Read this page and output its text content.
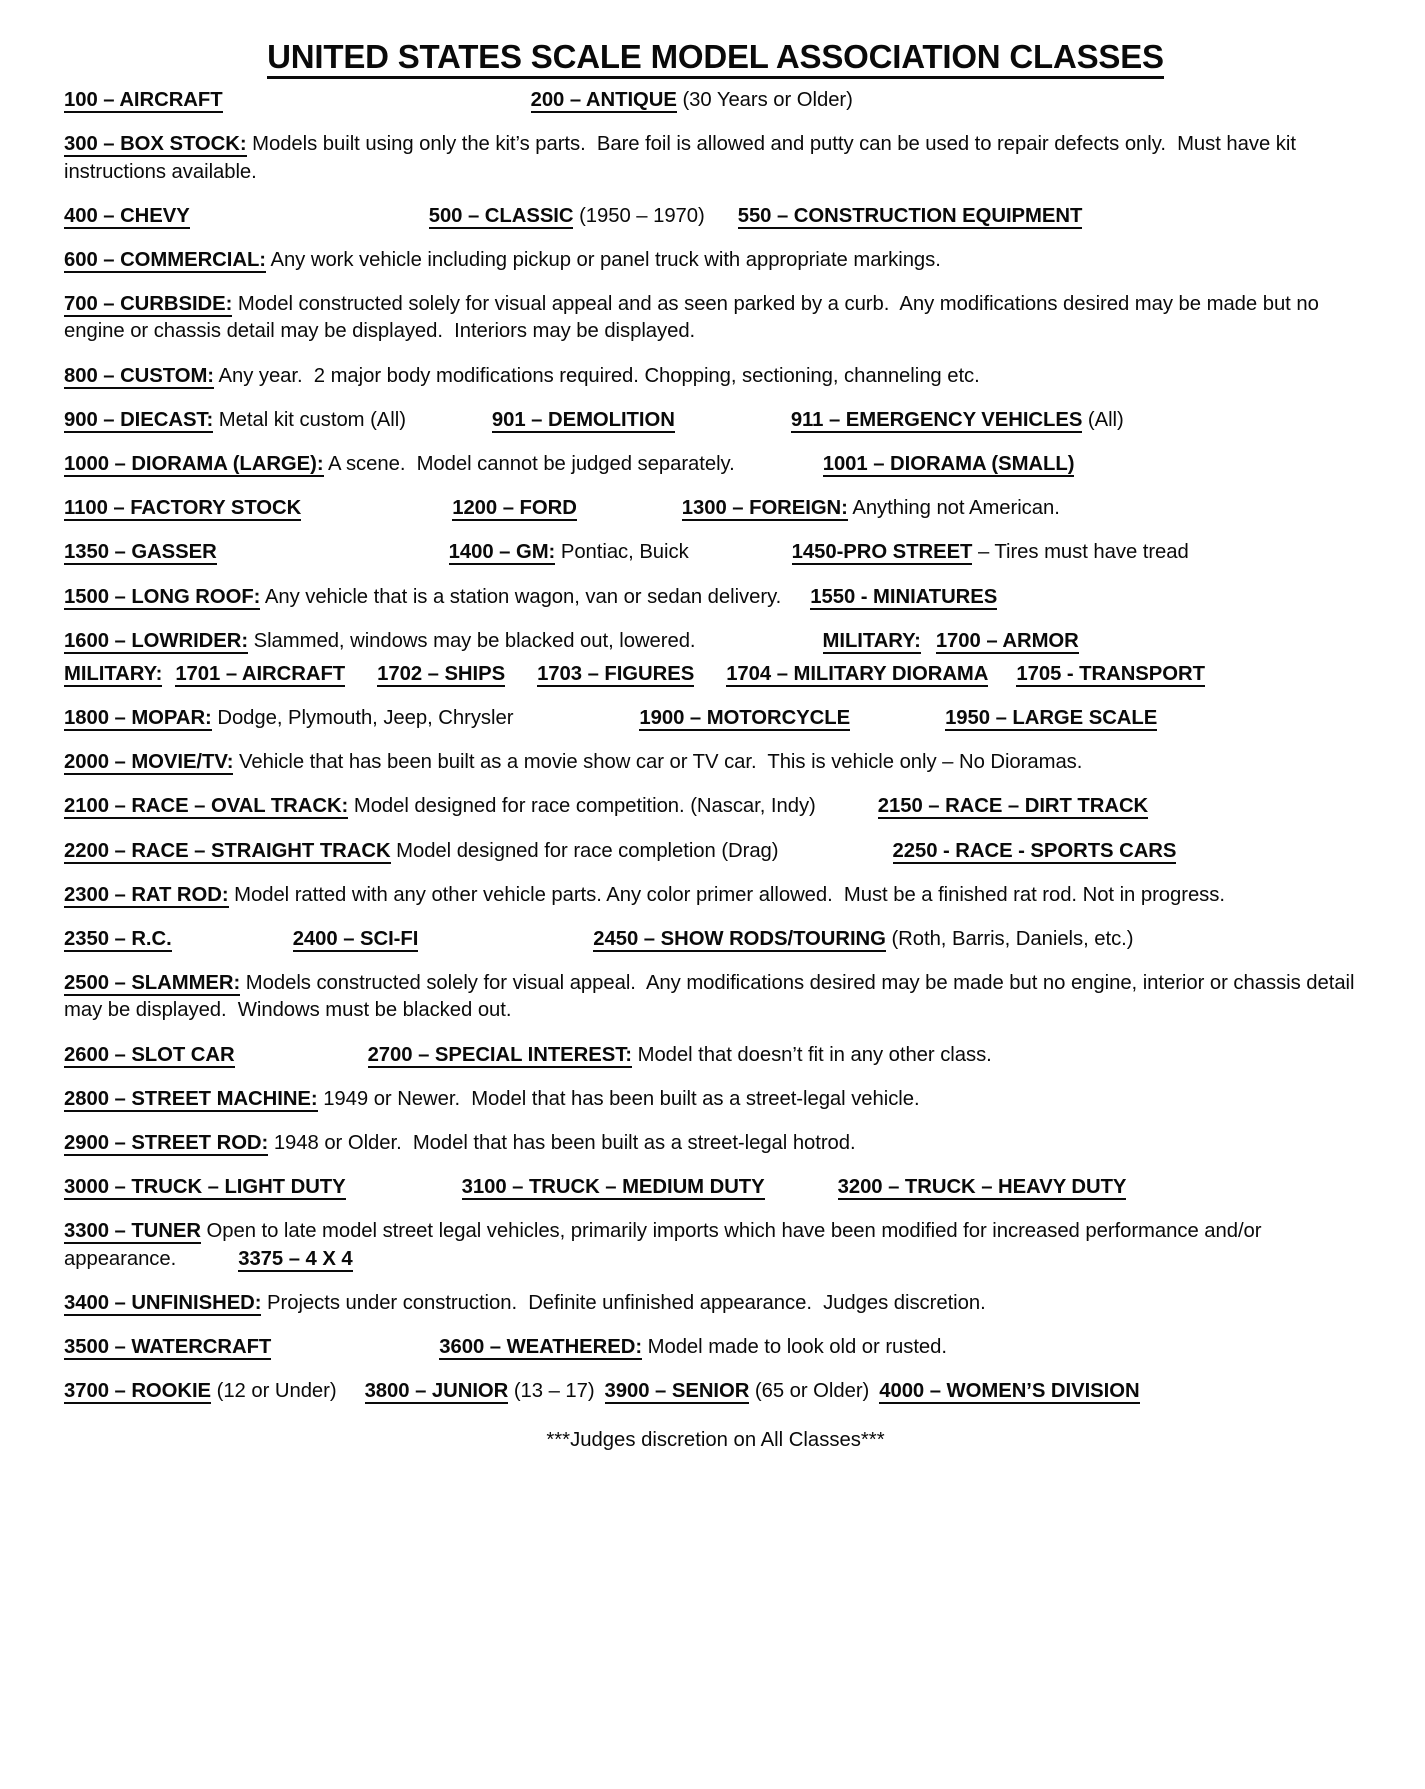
UNITED STATES SCALE MODEL ASSOCIATION CLASSES

100 – AIRCRAFT	200 – ANTIQUE (30 Years or Older)

300 – BOX STOCK: Models built using only the kit’s parts.  Bare foil is allowed and putty can be used to repair defects only.  Must have kit instructions available.

400 – CHEVY	500 – CLASSIC (1950 – 1970) 550 – CONSTRUCTION EQUIPMENT

600 – COMMERCIAL: Any work vehicle including pickup or panel truck with appropriate markings.

700 – CURBSIDE: Model constructed solely for visual appeal and as seen parked by a curb.  Any modifications desired may be made but no engine or chassis detail may be displayed.  Interiors may be displayed.

800 – CUSTOM: Any year.  2 major body modifications required. Chopping, sectioning, channeling etc.

900 – DIECAST: Metal kit custom (All)	901 – DEMOLITION	911 – EMERGENCY VEHICLES (All)

1000 – DIORAMA (LARGE): A scene.  Model cannot be judged separately.	1001 – DIORAMA (SMALL)

1100 – FACTORY STOCK	1200 – FORD	1300 – FOREIGN: Anything not American.

1350 – GASSER	1400 – GM: Pontiac, Buick	1450-PRO STREET – Tires must have tread

1500 – LONG ROOF: Any vehicle that is a station wagon, van or sedan delivery. 1550 - MINIATURES

1600 – LOWRIDER: Slammed, windows may be blacked out, lowered.	MILITARY: 1700 – ARMOR

MILITARY: 1701 – AIRCRAFT 1702 – SHIPS 1703 – FIGURES 1704 – MILITARY DIORAMA 1705 - TRANSPORT

1800 – MOPAR: Dodge, Plymouth, Jeep, Chrysler	1900 – MOTORCYCLE	1950 – LARGE SCALE

2000 – MOVIE/TV: Vehicle that has been built as a movie show car or TV car.  This is vehicle only – No Dioramas.

2100 – RACE – OVAL TRACK: Model designed for race competition. (Nascar, Indy)	2150 – RACE – DIRT TRACK

2200 – RACE – STRAIGHT TRACK Model designed for race completion (Drag)	2250 - RACE - SPORTS CARS

2300 – RAT ROD: Model ratted with any other vehicle parts. Any color primer allowed.  Must be a finished rat rod. Not in progress.

2350 – R.C.	2400 – SCI-FI	2450 – SHOW RODS/TOURING (Roth, Barris, Daniels, etc.)

2500 – SLAMMER: Models constructed solely for visual appeal.  Any modifications desired may be made but no engine, interior or chassis detail may be displayed.  Windows must be blacked out.

2600 – SLOT CAR	2700 – SPECIAL INTEREST: Model that doesn’t fit in any other class.

2800 – STREET MACHINE: 1949 or Newer.  Model that has been built as a street-legal vehicle.

2900 – STREET ROD: 1948 or Older.  Model that has been built as a street-legal hotrod.

3000 – TRUCK – LIGHT DUTY	3100 – TRUCK – MEDIUM DUTY	3200 – TRUCK – HEAVY DUTY

3300 – TUNER Open to late model street legal vehicles, primarily imports which have been modified for increased performance and/or appearance.	3375 – 4 X 4

3400 – UNFINISHED: Projects under construction.  Definite unfinished appearance.  Judges discretion.

3500 – WATERCRAFT	3600 – WEATHERED: Model made to look old or rusted.

3700 – ROOKIE (12 or Under) 3800 – JUNIOR (13 – 17) 3900 – SENIOR (65 or Older) 4000 – WOMEN’S DIVISION

***Judges discretion on All Classes***
